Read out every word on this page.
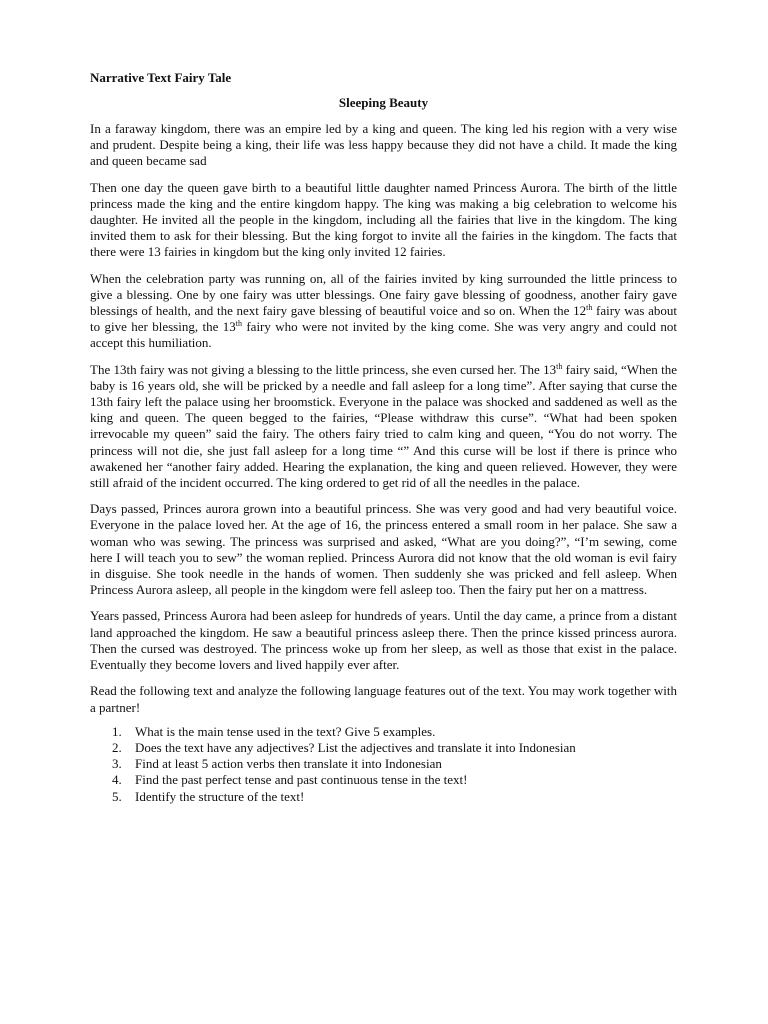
Narrative Text Fairy Tale
Sleeping Beauty

In a faraway kingdom, there was an empire led by a king and queen. The king led his region with a very wise and prudent. Despite being a king, their life was less happy because they did not have a child. It made the king and queen became sad

Then one day the queen gave birth to a beautiful little daughter named Princess Aurora. The birth of the little princess made the king and the entire kingdom happy. The king was making a big celebration to welcome his daughter. He invited all the people in the kingdom, including all the fairies that live in the kingdom. The king invited them to ask for their blessing. But the king forgot to invite all the fairies in the kingdom. The facts that there were 13 fairies in kingdom but the king only invited 12 fairies.

When the celebration party was running on, all of the fairies invited by king surrounded the little princess to give a blessing. One by one fairy was utter blessings. One fairy gave blessing of goodness, another fairy gave blessings of health, and the next fairy gave blessing of beautiful voice and so on. When the 12th fairy was about to give her blessing, the 13th fairy who were not invited by the king come. She was very angry and could not accept this humiliation.

The 13th fairy was not giving a blessing to the little princess, she even cursed her. The 13th fairy said, “When the baby is 16 years old, she will be pricked by a needle and fall asleep for a long time”. After saying that curse the 13th fairy left the palace using her broomstick. Everyone in the palace was shocked and saddened as well as the king and queen. The queen begged to the fairies, “Please withdraw this curse”. “What had been spoken irrevocable my queen” said the fairy. The others fairy tried to calm king and queen, “You do not worry. The princess will not die, she just fall asleep for a long time “” And this curse will be lost if there is prince who awakened her “another fairy added. Hearing the explanation, the king and queen relieved. However, they were still afraid of the incident occurred. The king ordered to get rid of all the needles in the palace.

Days passed, Princes aurora grown into a beautiful princess. She was very good and had very beautiful voice. Everyone in the palace loved her. At the age of 16, the princess entered a small room in her palace. She saw a woman who was sewing. The princess was surprised and asked, “What are you doing?”, “I’m sewing, come here I will teach you to sew” the woman replied. Princess Aurora did not know that the old woman is evil fairy in disguise. She took needle in the hands of women. Then suddenly she was pricked and fell asleep. When Princess Aurora asleep, all people in the kingdom were fell asleep too. Then the fairy put her on a mattress.

Years passed, Princess Aurora had been asleep for hundreds of years. Until the day came, a prince from a distant land approached the kingdom. He saw a beautiful princess asleep there. Then the prince kissed princess aurora. Then the cursed was destroyed. The princess woke up from her sleep, as well as those that exist in the palace. Eventually they become lovers and lived happily ever after.

Read the following text and analyze the following language features out of the text. You may work together with a partner!

1. What is the main tense used in the text? Give 5 examples.
2. Does the text have any adjectives? List the adjectives and translate it into Indonesian
3. Find at least 5 action verbs then translate it into Indonesian
4. Find the past perfect tense and past continuous tense in the text!
5. Identify the structure of the text!
